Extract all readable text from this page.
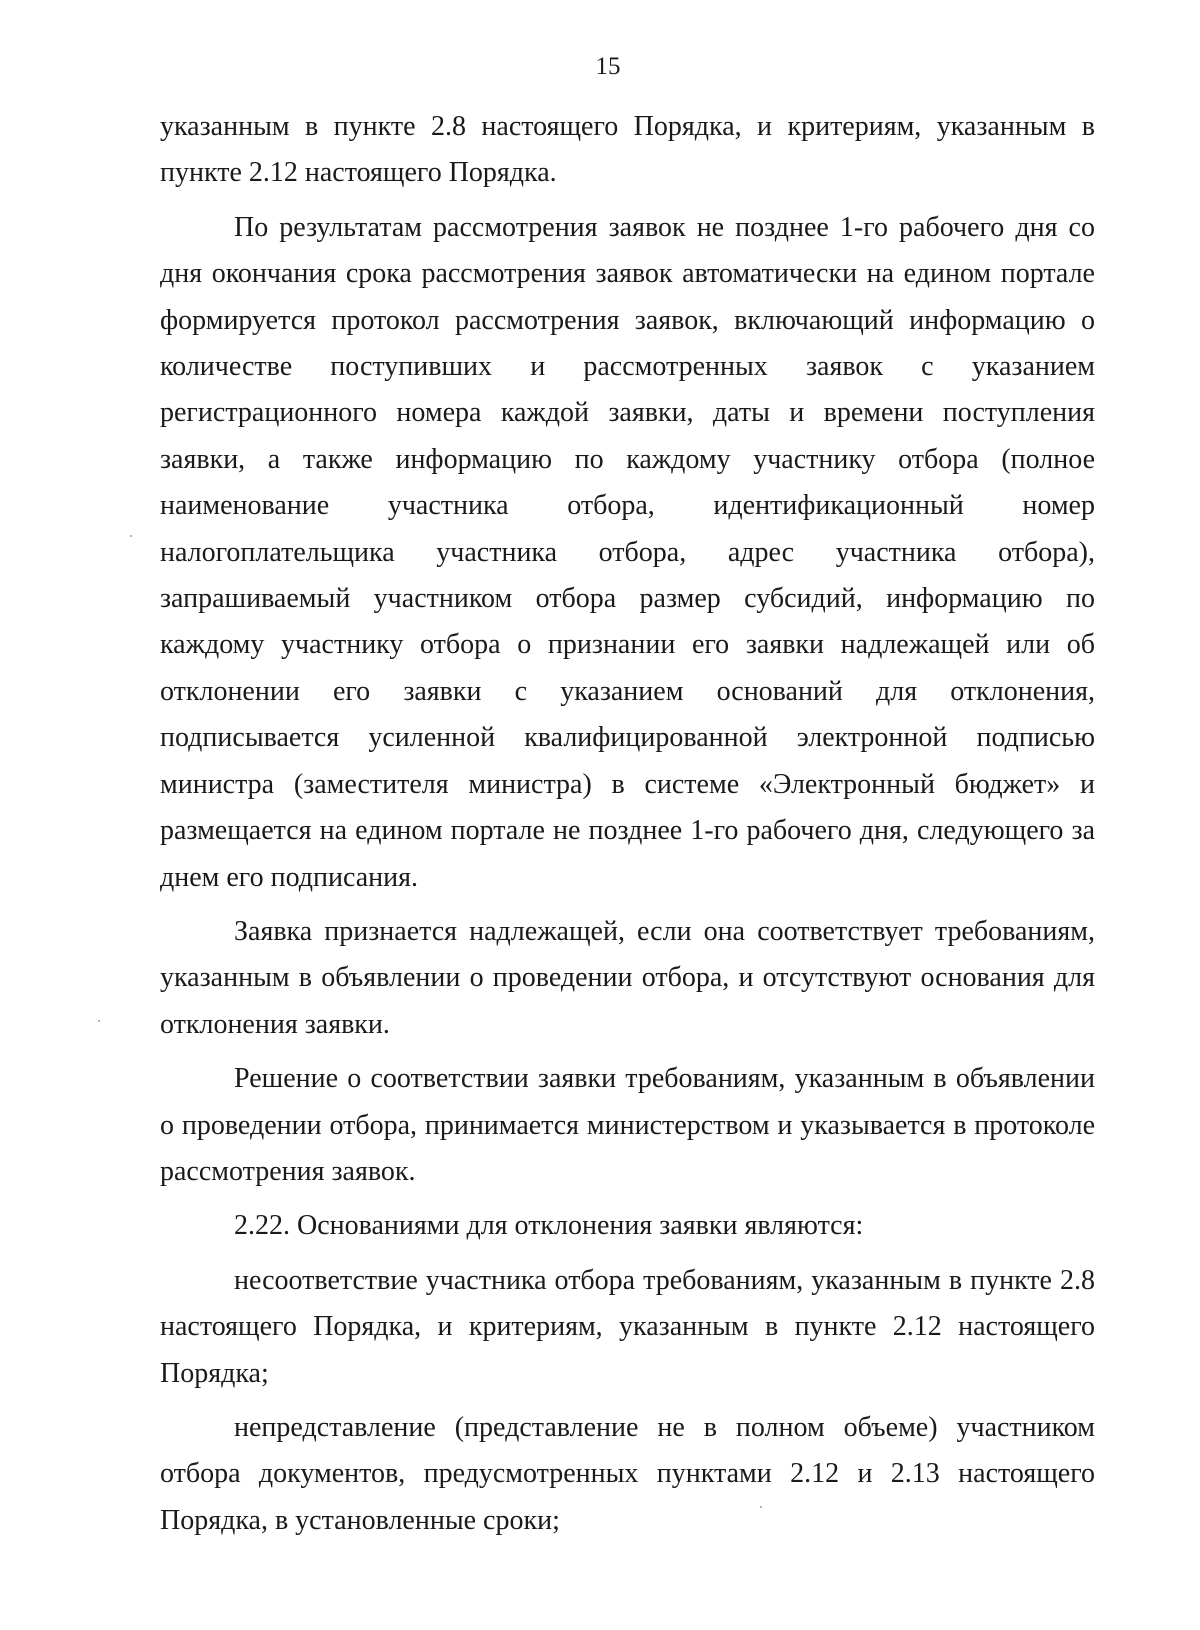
15

указанным в пункте 2.8 настоящего Порядка, и критериям, указанным в пункте 2.12 настоящего Порядка.

По результатам рассмотрения заявок не позднее 1-го рабочего дня со дня окончания срока рассмотрения заявок автоматически на едином портале формируется протокол рассмотрения заявок, включающий информацию о количестве поступивших и рассмотренных заявок с указанием регистрационного номера каждой заявки, даты и времени поступления заявки, а также информацию по каждому участнику отбора (полное наименование участника отбора, идентификационный номер налогоплательщика участника отбора, адрес участника отбора), запрашиваемый участником отбора размер субсидий, информацию по каждому участнику отбора о признании его заявки надлежащей или об отклонении его заявки с указанием оснований для отклонения, подписывается усиленной квалифицированной электронной подписью министра (заместителя министра) в системе «Электронный бюджет» и размещается на едином портале не позднее 1-го рабочего дня, следующего за днем его подписания.

Заявка признается надлежащей, если она соответствует требованиям, указанным в объявлении о проведении отбора, и отсутствуют основания для отклонения заявки.

Решение о соответствии заявки требованиям, указанным в объявлении о проведении отбора, принимается министерством и указывается в протоколе рассмотрения заявок.

2.22. Основаниями для отклонения заявки являются:

несоответствие участника отбора требованиям, указанным в пункте 2.8 настоящего Порядка, и критериям, указанным в пункте 2.12 настоящего Порядка;

непредставление (представление не в полном объеме) участником отбора документов, предусмотренных пунктами 2.12 и 2.13 настоящего Порядка, в установленные сроки;
